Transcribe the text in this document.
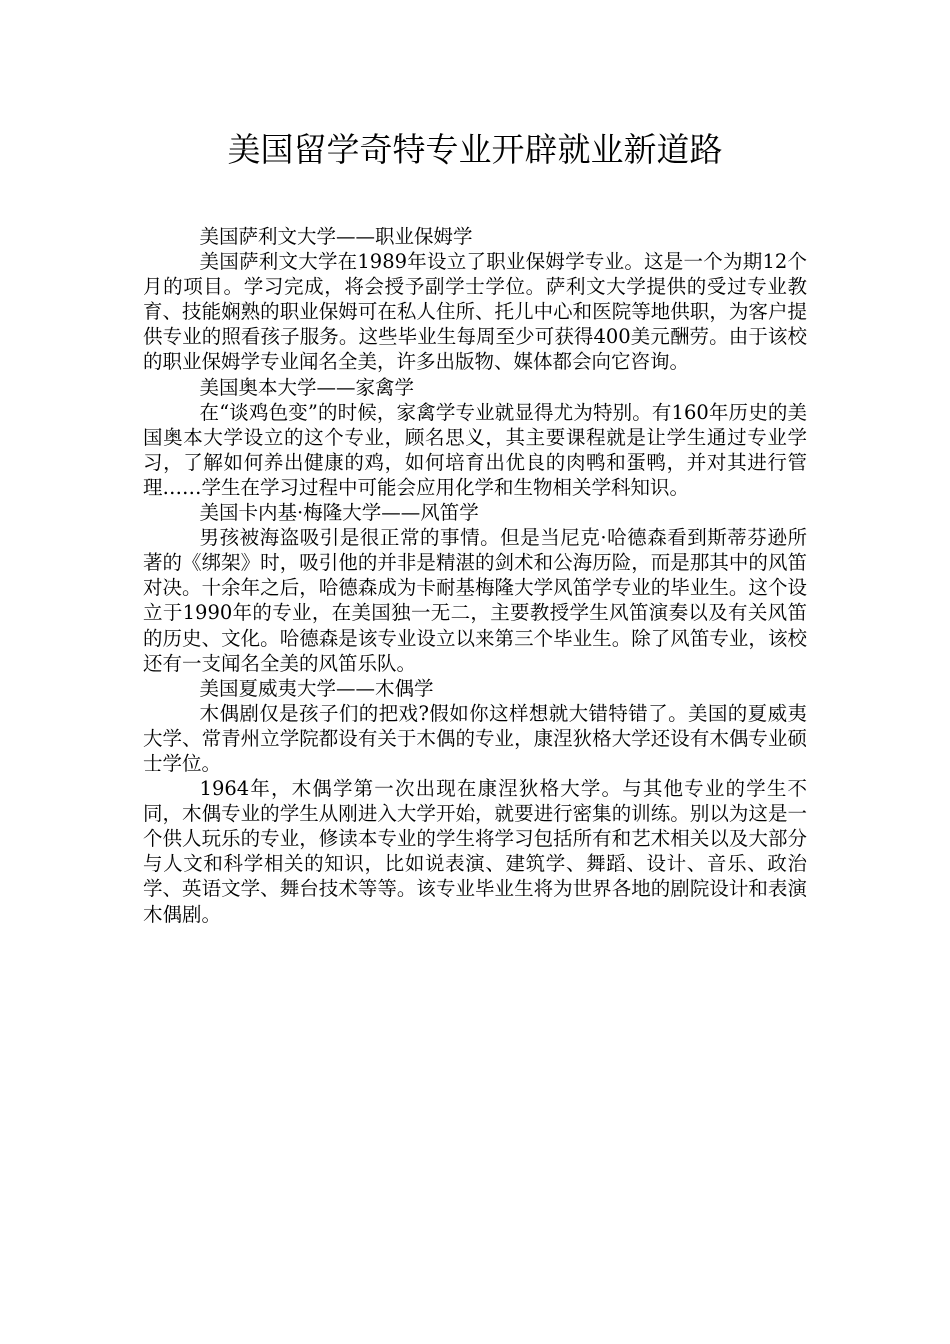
美国留学奇特专业开辟就业新道路

美国萨利文大学——职业保姆学

美国萨利文大学在1989年设立了职业保姆学专业。这是一个为期12个月的项目。学习完成，将会授予副学士学位。萨利文大学提供的受过专业教育、技能娴熟的职业保姆可在私人住所、托儿中心和医院等地供职，为客户提供专业的照看孩子服务。这些毕业生每周至少可获得400美元酬劳。由于该校的职业保姆学专业闻名全美，许多出版物、媒体都会向它咨询。

美国奥本大学——家禽学

在“谈鸡色变”的时候，家禽学专业就显得尤为特别。有160年历史的美国奥本大学设立的这个专业，顾名思义，其主要课程就是让学生通过专业学习，了解如何养出健康的鸡，如何培育出优良的肉鸭和蛋鸭，并对其进行管理……学生在学习过程中可能会应用化学和生物相关学科知识。

美国卡内基·梅隆大学——风笛学

男孩被海盗吸引是很正常的事情。但是当尼克·哈德森看到斯蒂芬逊所著的《绑架》时，吸引他的并非是精湛的剑术和公海历险，而是那其中的风笛对决。十余年之后，哈德森成为卡耐基梅隆大学风笛学专业的毕业生。这个设立于1990年的专业，在美国独一无二，主要教授学生风笛演奏以及有关风笛的历史、文化。哈德森是该专业设立以来第三个毕业生。除了风笛专业，该校还有一支闻名全美的风笛乐队。

美国夏威夷大学——木偶学

木偶剧仅是孩子们的把戏?假如你这样想就大错特错了。美国的夏威夷大学、常青州立学院都设有关于木偶的专业，康涅狄格大学还设有木偶专业硕士学位。

1964年，木偶学第一次出现在康涅狄格大学。与其他专业的学生不同，木偶专业的学生从刚进入大学开始，就要进行密集的训练。别以为这是一个供人玩乐的专业，修读本专业的学生将学习包括所有和艺术相关以及大部分与人文和科学相关的知识，比如说表演、建筑学、舞蹈、设计、音乐、政治学、英语文学、舞台技术等等。该专业毕业生将为世界各地的剧院设计和表演木偶剧。
